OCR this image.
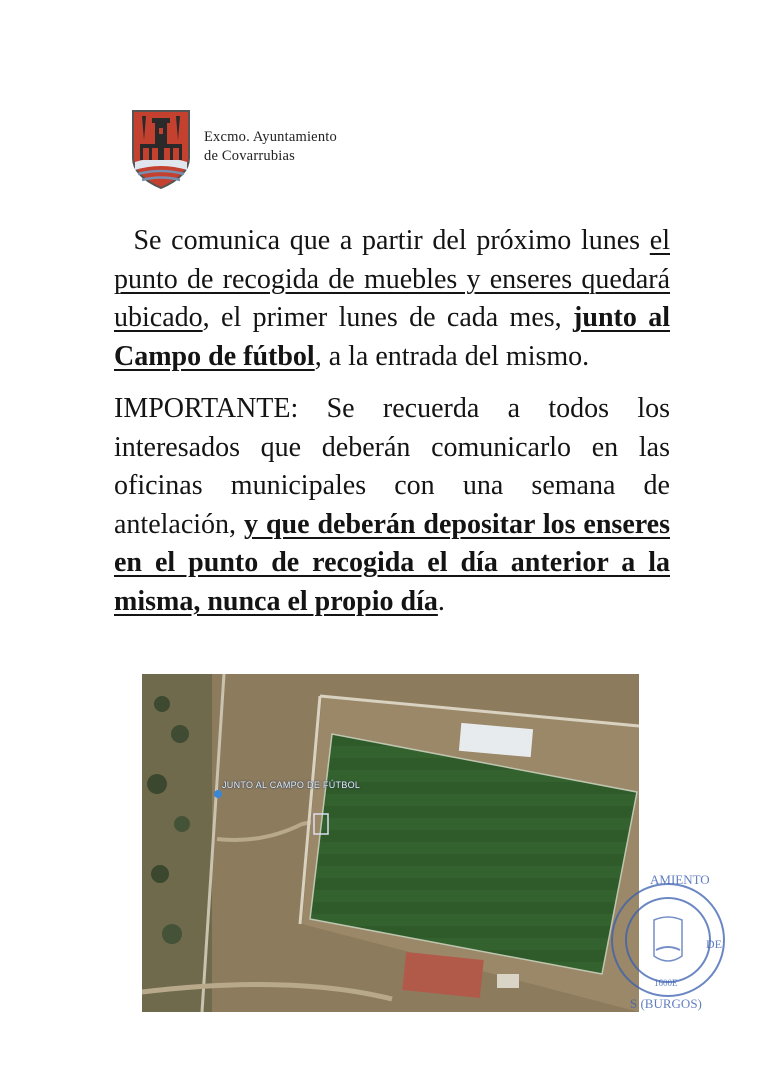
Excmo. Ayuntamiento
de Covarrubias

Se comunica que a partir del próximo lunes el punto de recogida de muebles y enseres quedará ubicado, el primer lunes de cada mes, junto al Campo de fútbol, a la entrada del mismo.

IMPORTANTE: Se recuerda a todos los interesados que deberán comunicarlo en las oficinas municipales con una semana de antelación, y que deberán depositar los enseres en el punto de recogida el día anterior a la misma, nunca el propio día.

JUNTO AL CAMPO DE FÚTBOL
AMIENTO
DE
1600E
S (BURGOS)
